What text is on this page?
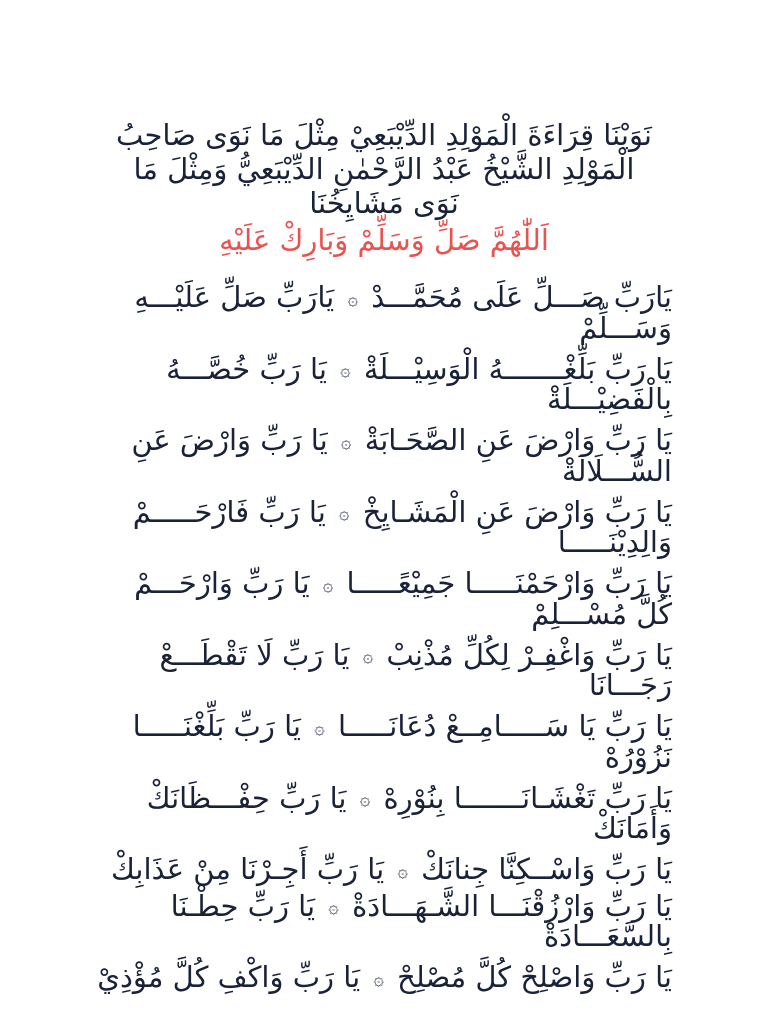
نَوَيْنَا قِرَاءَةَ الْمَوْلِدِ الدِّيْبَعِيْ مِثْلَ مَا نَوَى صَاحِبُ
الْمَوْلِدِ الشَّيْخُ عَبْدُ الرَّحْمٰنِ الدِّيْبَعِيُّ وَمِثْلَ مَا
نَوَى مَشَايِخُنَا
اَللّٰهُمَّ صَلِّ وَسَلِّمْ وَبَارِكْ عَلَيْهِ
يَارَبِّ صَـــلِّ عَلَى مُحَمَّـــدْ ۞ يَارَبِّ صَلِّ عَلَيْـــهِ
وَسَـــلِّمْ
يَا رَبِّ بَلِّغْـــــــهُ الْوَسِيْـــلَةْ ۞ يَا رَبِّ خُصَّـــهُ
بِالْفَضِيْـــلَةْ
يَا رَبِّ وَارْضَ عَنِ الصَّحَـابَةْ ۞ يَا رَبِّ وَارْضَ عَنِ
السُّـــلَالَةْ
يَا رَبِّ وَارْضَ عَنِ الْمَشَـايِخْ ۞ يَا رَبِّ فَارْحَـــــمْ
وَالِدِيْنَـــــا
يَا رَبِّ وَارْحَمْنَـــــا جَمِيْعًـــــا ۞ يَا رَبِّ وَارْحَـــمْ
كُلَّ مُسْـــلِمْ
يَا رَبِّ وَاغْفِـرْ لِكُلِّ مُذْنِبْ ۞ يَا رَبِّ لَا تَقْطَـــعْ
رَجَـــانَا
يَا رَبِّ يَا سَـــــامِــعْ دُعَانَـــــا ۞ يَا رَبِّ بَلِّغْنَـــــا
نَزُوْرُهْ
يَا رَبِّ تَغْشَـانَـــــــا بِنُوْرِهْ ۞ يَا رَبِّ حِفْـــظَانَكْ
وَأَمَانَكْ
يَا رَبِّ وَاسْــكِنَّا جِنانَكْ ۞ يَا رَبِّ أَجِـرْنَا مِنْ عَذَابِكْ
يَا رَبِّ وَارْزُقْنَـــا الشَّـهَـــادَةْ ۞ يَا رَبِّ حِطْـنَا
بِالسَّعَـــادَةْ
يَا رَبِّ وَاصْلِحْ كُلَّ مُصْلِحْ ۞ يَا رَبِّ وَاكْفِ كُلَّ مُؤْذِيْ
